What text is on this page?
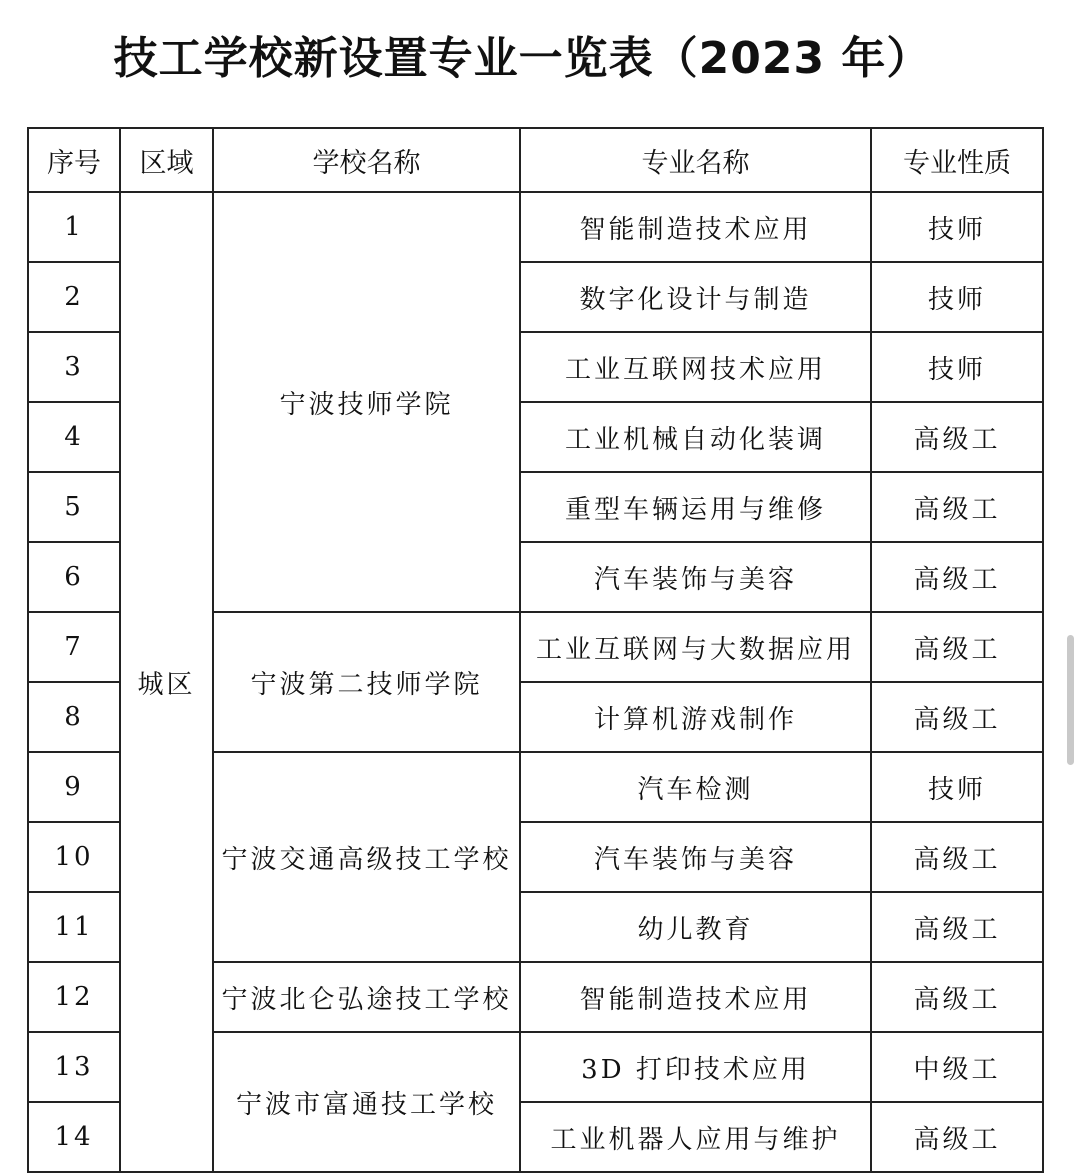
技工学校新设置专业一览表（2023 年）
序号	区域	学校名称	专业名称	专业性质
1	城区	宁波技师学院	智能制造技术应用	技师
2			数字化设计与制造	技师
3			工业互联网技术应用	技师
4			工业机械自动化装调	高级工
5			重型车辆运用与维修	高级工
6			汽车装饰与美容	高级工
7		宁波第二技师学院	工业互联网与大数据应用	高级工
8			计算机游戏制作	高级工
9		宁波交通高级技工学校	汽车检测	技师
10			汽车装饰与美容	高级工
11			幼儿教育	高级工
12		宁波北仑弘途技工学校	智能制造技术应用	高级工
13		宁波市富通技工学校	3D 打印技术应用	中级工
14			工业机器人应用与维护	高级工
